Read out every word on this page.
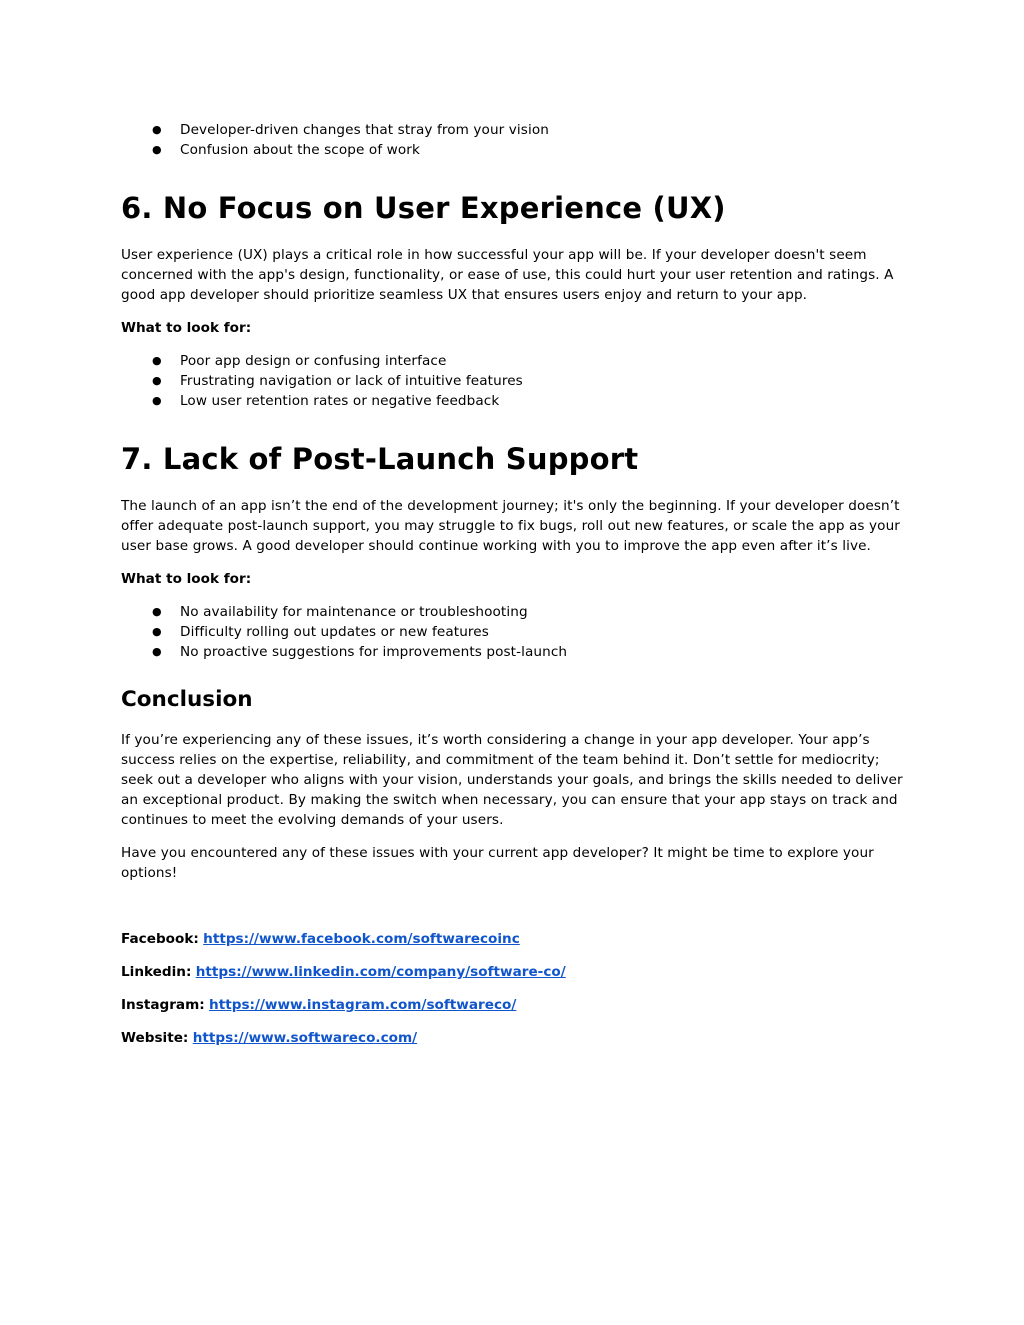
● Developer-driven changes that stray from your vision
● Confusion about the scope of work
6. No Focus on User Experience (UX)

User experience (UX) plays a critical role in how successful your app will be. If your developer doesn't seem concerned with the app's design, functionality, or ease of use, this could hurt your user retention and ratings. A good app developer should prioritize seamless UX that ensures users enjoy and return to your app.

What to look for:

● Poor app design or confusing interface
● Frustrating navigation or lack of intuitive features
● Low user retention rates or negative feedback
7. Lack of Post-Launch Support

The launch of an app isn’t the end of the development journey; it's only the beginning. If your developer doesn’t offer adequate post-launch support, you may struggle to fix bugs, roll out new features, or scale the app as your user base grows. A good developer should continue working with you to improve the app even after it’s live.

What to look for:

● No availability for maintenance or troubleshooting
● Difficulty rolling out updates or new features
● No proactive suggestions for improvements post-launch
Conclusion

If you’re experiencing any of these issues, it’s worth considering a change in your app developer. Your app’s success relies on the expertise, reliability, and commitment of the team behind it. Don’t settle for mediocrity; seek out a developer who aligns with your vision, understands your goals, and brings the skills needed to deliver an exceptional product. By making the switch when necessary, you can ensure that your app stays on track and continues to meet the evolving demands of your users.

Have you encountered any of these issues with your current app developer? It might be time to explore your options!

Facebook: https://www.facebook.com/softwarecoinc

Linkedin: https://www.linkedin.com/company/software-co/

Instagram: https://www.instagram.com/softwareco/

Website: https://www.softwareco.com/
